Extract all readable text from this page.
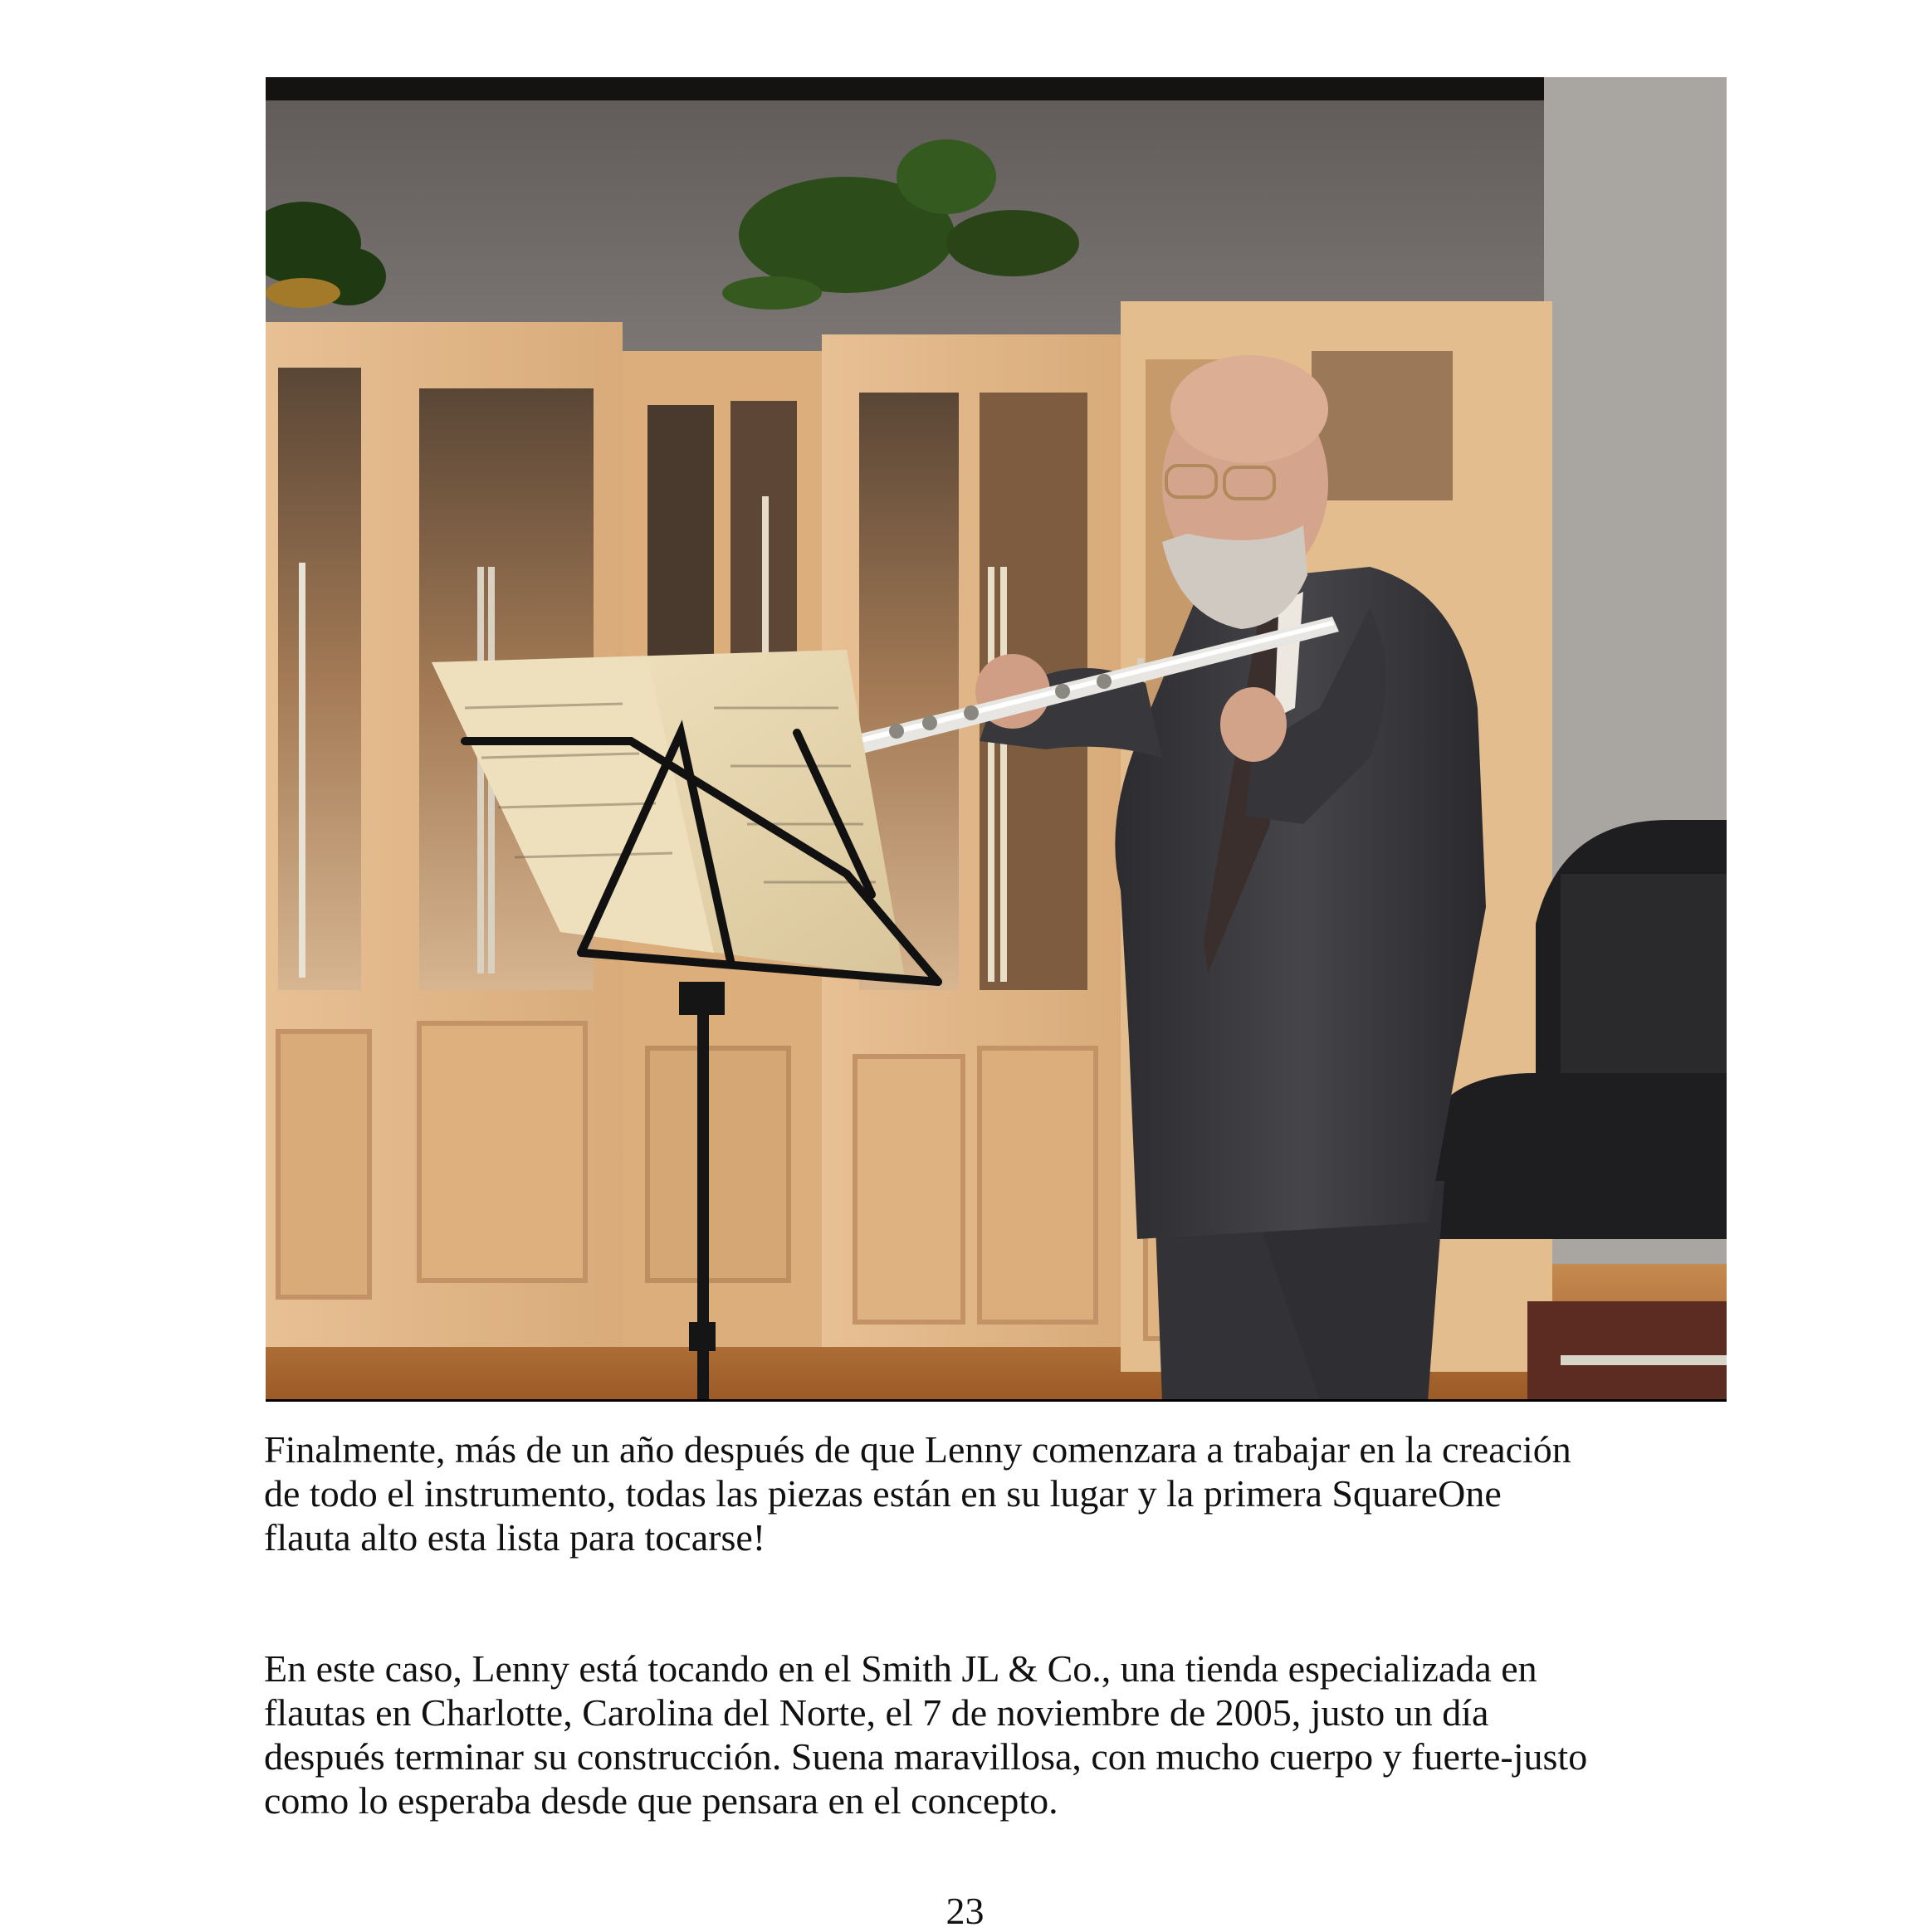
Finalmente, más de un año después de que Lenny comenzara a trabajar en la creación
de todo el instrumento, todas las piezas están en su lugar y la primera SquareOne
flauta alto esta lista para tocarse!

En este caso, Lenny está tocando en el Smith JL & Co., una tienda especializada en
flautas en Charlotte, Carolina del Norte, el 7 de noviembre de 2005, justo un día
después terminar su construcción. Suena maravillosa, con mucho cuerpo y fuerte-justo
como lo esperaba desde que pensara en el concepto.

23
